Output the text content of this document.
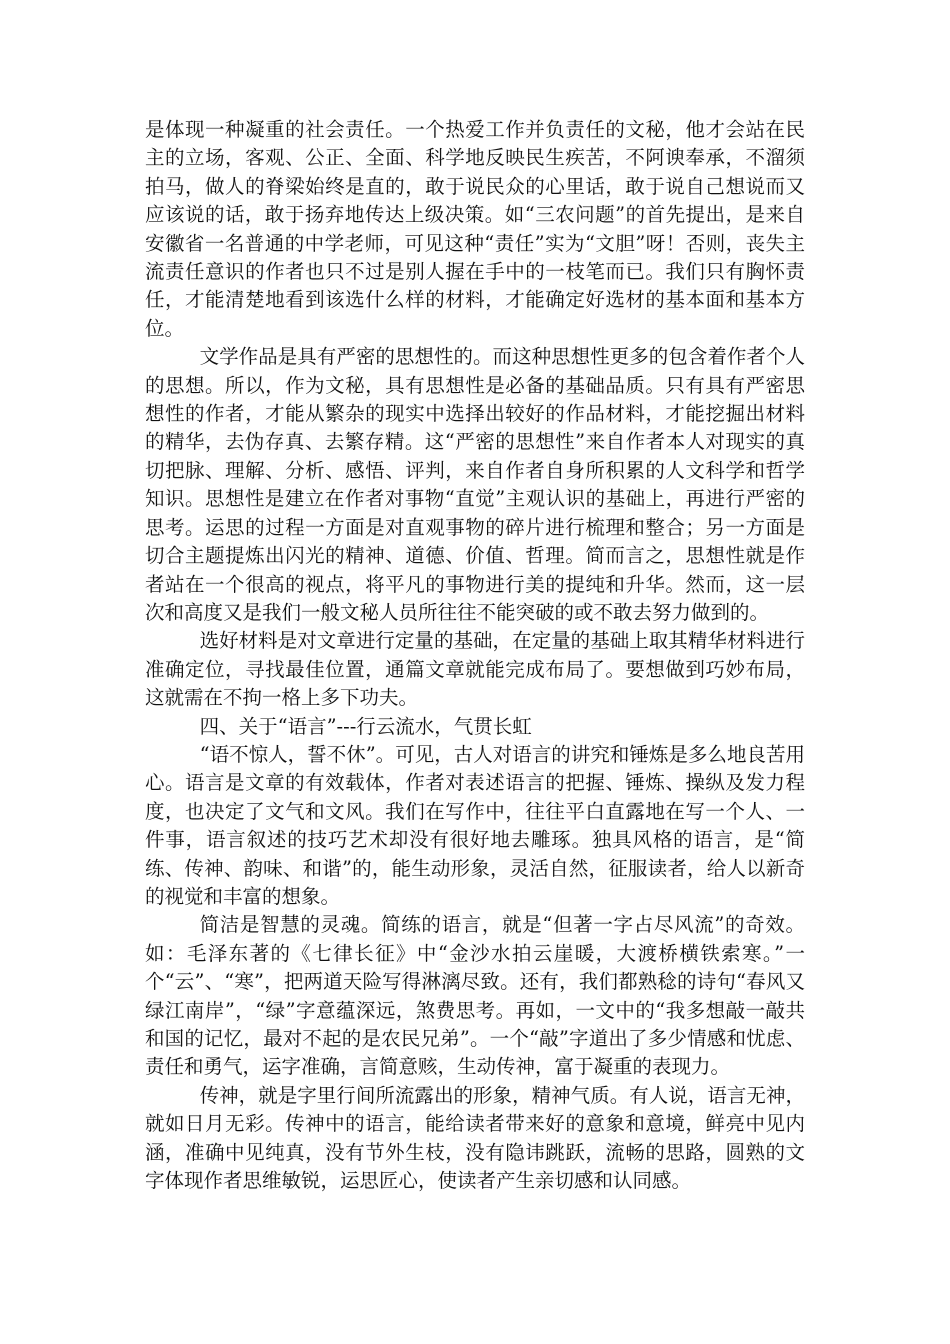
是体现一种凝重的社会责任。一个热爱工作并负责任的文秘，他才会站在民主的立场，客观、公正、全面、科学地反映民生疾苦，不阿谀奉承，不溜须拍马，做人的脊梁始终是直的，敢于说民众的心里话，敢于说自己想说而又应该说的话，敢于扬弃地传达上级决策。如“三农问题”的首先提出，是来自安徽省一名普通的中学老师，可见这种“责任”实为“文胆”呀！否则，丧失主流责任意识的作者也只不过是别人握在手中的一枝笔而已。我们只有胸怀责任，才能清楚地看到该选什么样的材料，才能确定好选材的基本面和基本方位。

文学作品是具有严密的思想性的。而这种思想性更多的包含着作者个人的思想。所以，作为文秘，具有思想性是必备的基础品质。只有具有严密思想性的作者，才能从繁杂的现实中选择出较好的作品材料，才能挖掘出材料的精华，去伪存真、去繁存精。这“严密的思想性”来自作者本人对现实的真切把脉、理解、分析、感悟、评判，来自作者自身所积累的人文科学和哲学知识。思想性是建立在作者对事物“直觉”主观认识的基础上，再进行严密的思考。运思的过程一方面是对直观事物的碎片进行梳理和整合；另一方面是切合主题提炼出闪光的精神、道德、价值、哲理。简而言之，思想性就是作者站在一个很高的视点，将平凡的事物进行美的提纯和升华。然而，这一层次和高度又是我们一般文秘人员所往往不能突破的或不敢去努力做到的。

选好材料是对文章进行定量的基础，在定量的基础上取其精华材料进行准确定位，寻找最佳位置，通篇文章就能完成布局了。要想做到巧妙布局，这就需在不拘一格上多下功夫。

四、关于“语言”---行云流水，气贯长虹

“语不惊人，誓不休”。可见，古人对语言的讲究和锤炼是多么地良苦用心。语言是文章的有效载体，作者对表述语言的把握、锤炼、操纵及发力程度，也决定了文气和文风。我们在写作中，往往平白直露地在写一个人、一件事，语言叙述的技巧艺术却没有很好地去雕琢。独具风格的语言，是“简练、传神、韵味、和谐”的，能生动形象，灵活自然，征服读者，给人以新奇的视觉和丰富的想象。

简洁是智慧的灵魂。简练的语言，就是“但著一字占尽风流”的奇效。如：毛泽东著的《七律长征》中“金沙水拍云崖暖，大渡桥横铁索寒。”一个“云”、“寒”，把两道天险写得淋漓尽致。还有，我们都熟稔的诗句“春风又绿江南岸”，“绿”字意蕴深远，煞费思考。再如，一文中的“我多想敲一敲共和国的记忆，最对不起的是农民兄弟”。一个“敲”字道出了多少情感和忧虑、责任和勇气，运字准确，言简意赅，生动传神，富于凝重的表现力。

传神，就是字里行间所流露出的形象，精神气质。有人说，语言无神，就如日月无彩。传神中的语言，能给读者带来好的意象和意境，鲜亮中见内涵，准确中见纯真，没有节外生枝，没有隐讳跳跃，流畅的思路，圆熟的文字体现作者思维敏锐，运思匠心，使读者产生亲切感和认同感。
